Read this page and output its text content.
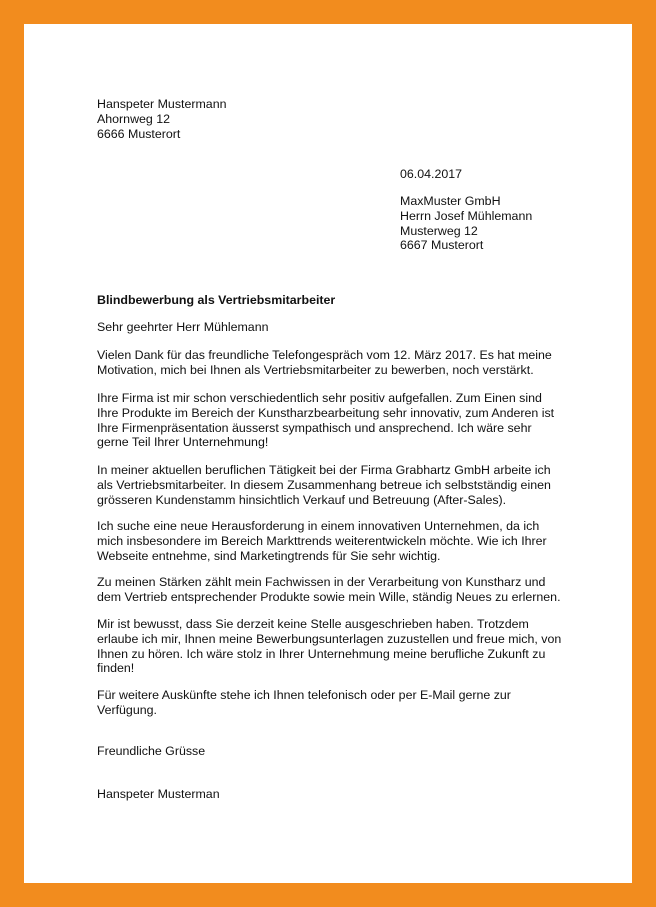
Hanspeter Mustermann
Ahornweg 12
6666 Musterort
06.04.2017
MaxMuster GmbH
Herrn Josef Mühlemann
Musterweg 12
6667 Musterort
Blindbewerbung als Vertriebsmitarbeiter
Sehr geehrter Herr Mühlemann
Vielen Dank für das freundliche Telefongespräch vom 12. März 2017. Es hat meine
Motivation, mich bei Ihnen als Vertriebsmitarbeiter zu bewerben, noch verstärkt.
Ihre Firma ist mir schon verschiedentlich sehr positiv aufgefallen. Zum Einen sind
Ihre Produkte im Bereich der Kunstharzbearbeitung sehr innovativ, zum Anderen ist
Ihre Firmenpräsentation äusserst sympathisch und ansprechend. Ich wäre sehr
gerne Teil Ihrer Unternehmung!
In meiner aktuellen beruflichen Tätigkeit bei der Firma Grabhartz GmbH arbeite ich
als Vertriebsmitarbeiter. In diesem Zusammenhang betreue ich selbstständig einen
grösseren Kundenstamm hinsichtlich Verkauf und Betreuung (After-Sales).
Ich suche eine neue Herausforderung in einem innovativen Unternehmen, da ich
mich insbesondere im Bereich Markttrends weiterentwickeln möchte. Wie ich Ihrer
Webseite entnehme, sind Marketingtrends für Sie sehr wichtig.
Zu meinen Stärken zählt mein Fachwissen in der Verarbeitung von Kunstharz und
dem Vertrieb entsprechender Produkte sowie mein Wille, ständig Neues zu erlernen.
Mir ist bewusst, dass Sie derzeit keine Stelle ausgeschrieben haben. Trotzdem
erlaube ich mir, Ihnen meine Bewerbungsunterlagen zuzustellen und freue mich, von
Ihnen zu hören. Ich wäre stolz in Ihrer Unternehmung meine berufliche Zukunft zu
finden!
Für weitere Auskünfte stehe ich Ihnen telefonisch oder per E-Mail gerne zur
Verfügung.
Freundliche Grüsse
Hanspeter Musterman
